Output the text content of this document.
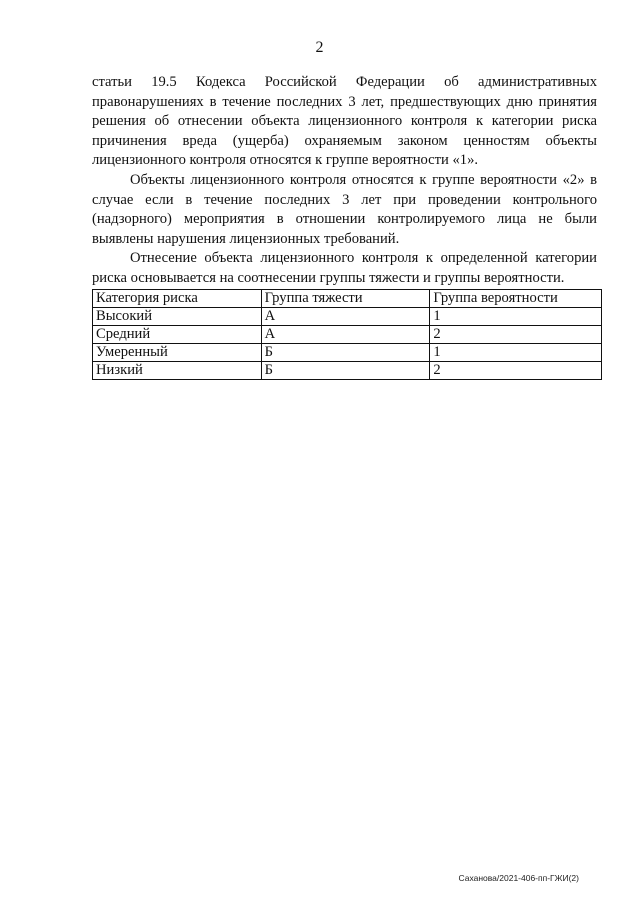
2

статьи 19.5 Кодекса Российской Федерации об административных правонарушениях в течение последних 3 лет, предшествующих дню принятия решения об отнесении объекта лицензионного контроля к категории риска причинения вреда (ущерба) охраняемым законом ценностям объекты лицензионного контроля относятся к группе вероятности «1».

Объекты лицензионного контроля относятся к группе вероятности «2» в случае если в течение последних 3 лет при проведении контрольного (надзорного) мероприятия в отношении контролируемого лица не были выявлены нарушения лицензионных требований.

Отнесение объекта лицензионного контроля к определенной категории риска основывается на соотнесении группы тяжести и группы вероятности.

Категория риска	Группа тяжести	Группа вероятности
Высокий	А	1
Средний	А	2
Умеренный	Б	1
Низкий	Б	2
Саханова/2021-406-пп-ГЖИ(2)
